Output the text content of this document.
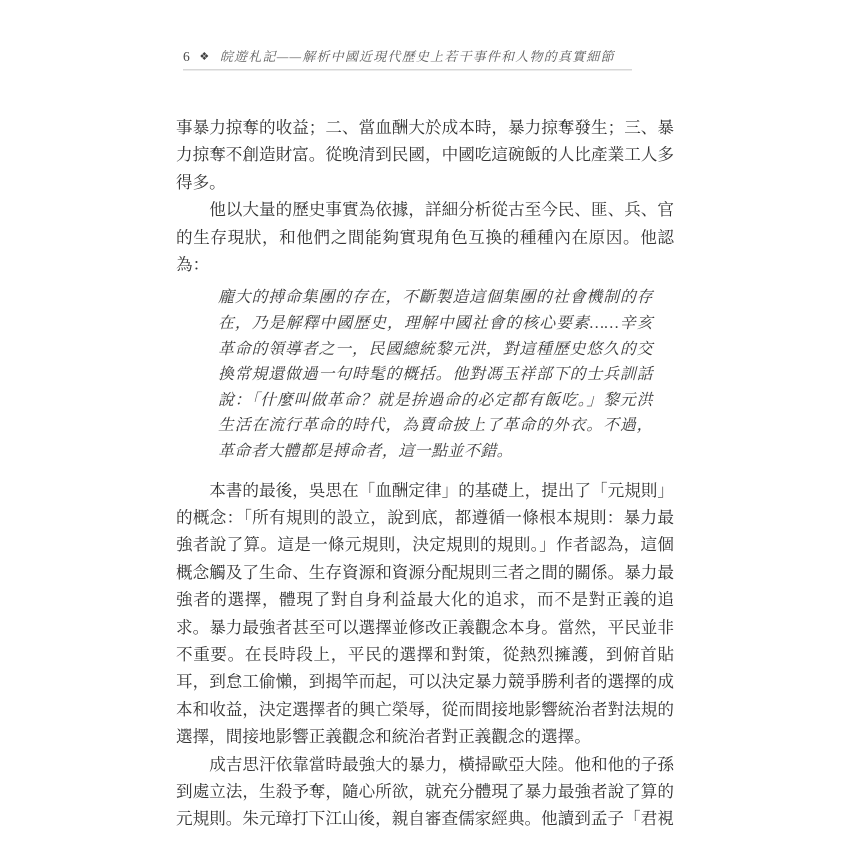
6 ❖ 皖遊札記——解析中國近現代歷史上若干事件和人物的真實細節

事暴力掠奪的收益；二、當血酬大於成本時，暴力掠奪發生；三、暴力掠奪不創造財富。從晚清到民國，中國吃這碗飯的人比產業工人多得多。

他以大量的歷史事實為依據，詳細分析從古至今民、匪、兵、官的生存現狀，和他們之間能夠實現角色互換的種種內在原因。他認為：

龐大的搏命集團的存在，不斷製造這個集團的社會機制的存在，乃是解釋中國歷史，理解中國社會的核心要素……辛亥革命的領導者之一，民國總統黎元洪，對這種歷史悠久的交換常規還做過一句時髦的概括。他對馮玉祥部下的士兵訓話說：「什麼叫做革命？就是拚過命的必定都有飯吃。」黎元洪生活在流行革命的時代，為賣命披上了革命的外衣。不過，革命者大體都是搏命者，這一點並不錯。

本書的最後，吳思在「血酬定律」的基礎上，提出了「元規則」的概念：「所有規則的設立，說到底，都遵循一條根本規則：暴力最強者說了算。這是一條元規則，決定規則的規則。」作者認為，這個概念觸及了生命、生存資源和資源分配規則三者之間的關係。暴力最強者的選擇，體現了對自身利益最大化的追求，而不是對正義的追求。暴力最強者甚至可以選擇並修改正義觀念本身。當然，平民並非不重要。在長時段上，平民的選擇和對策，從熱烈擁護，到俯首貼耳，到怠工偷懶，到揭竿而起，可以決定暴力競爭勝利者的選擇的成本和收益，決定選擇者的興亡榮辱，從而間接地影響統治者對法規的選擇，間接地影響正義觀念和統治者對正義觀念的選擇。

成吉思汗依靠當時最強大的暴力，橫掃歐亞大陸。他和他的子孫到處立法，生殺予奪，隨心所欲，就充分體現了暴力最強者說了算的元規則。朱元璋打下江山後，親自審查儒家經典。他讀到孟子「君視
